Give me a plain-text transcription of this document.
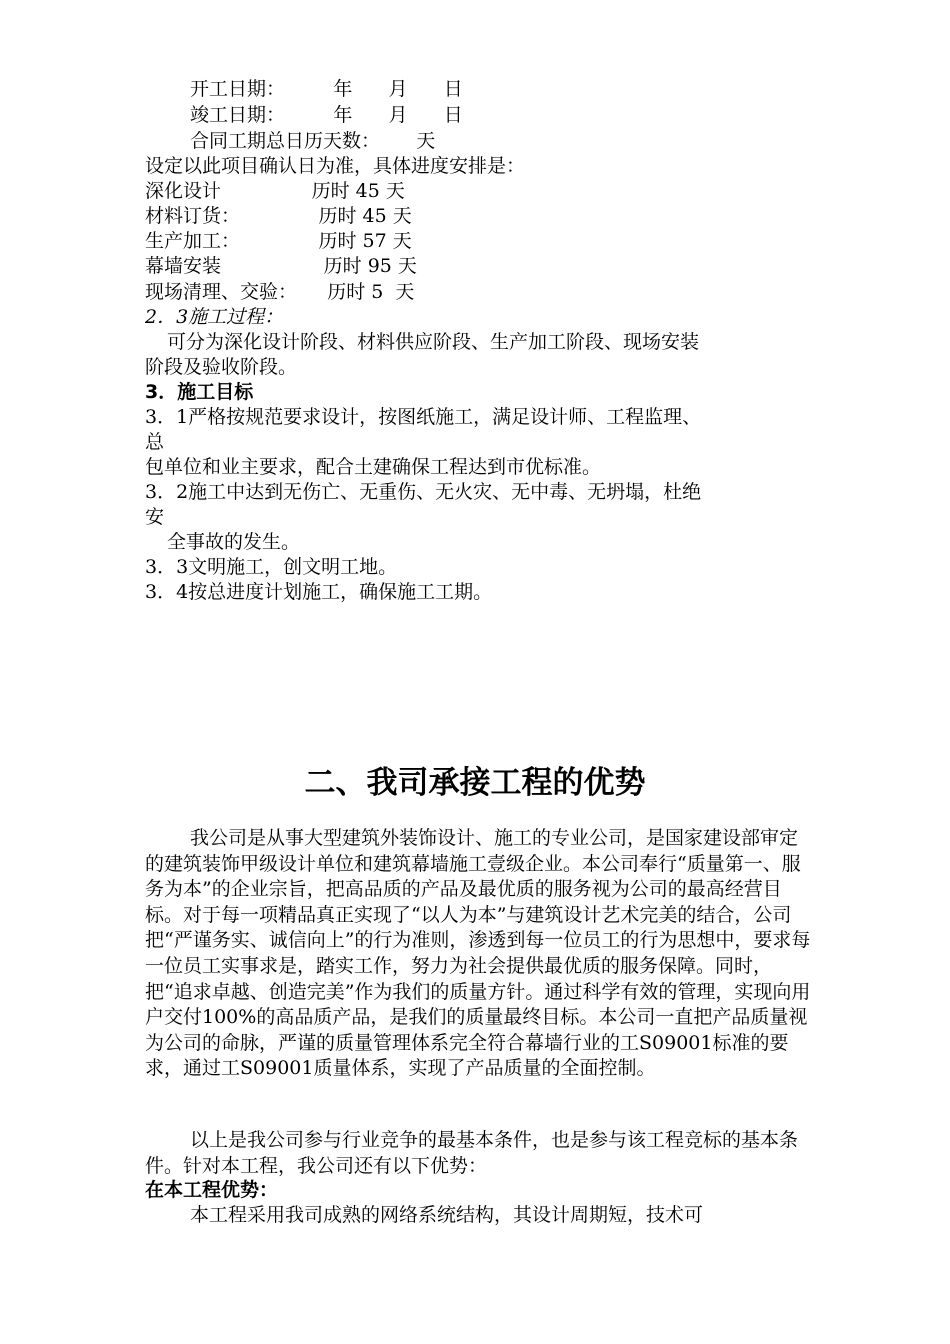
开工日期：        年      月      日
竣工日期：        年      月      日
合同工期总日历天数：      天
设定以此项目确认日为准，具体进度安排是：
深化设计               历时 45 天
材料订货：             历时 45 天
生产加工：             历时 57 天
幕墙安装                 历时 95 天
现场清理、交验：     历时 5  天
2．3施工过程：
可分为深化设计阶段、材料供应阶段、生产加工阶段、现场安装
阶段及验收阶段。
3．施工目标
3．1严格按规范要求设计，按图纸施工，满足设计师、工程监理、
总
包单位和业主要求，配合土建确保工程达到市优标准。
3．2施工中达到无伤亡、无重伤、无火灾、无中毒、无坍塌，杜绝
安
全事故的发生。
3．3文明施工，创文明工地。
3．4按总进度计划施工，确保施工工期。
二、我司承接工程的优势
我公司是从事大型建筑外装饰设计、施工的专业公司，是国家建设部审定的建筑装饰甲级设计单位和建筑幕墙施工壹级企业。本公司奉行“质量第一、服务为本”的企业宗旨，把高品质的产品及最优质的服务视为公司的最高经营目标。对于每一项精品真正实现了“以人为本”与建筑设计艺术完美的结合，公司把“严谨务实、诚信向上”的行为准则，渗透到每一位员工的行为思想中，要求每一位员工实事求是，踏实工作，努力为社会提供最优质的服务保障。同时，把“追求卓越、创造完美”作为我们的质量方针。通过科学有效的管理，实现向用户交付100%的高品质产品，是我们的质量最终目标。本公司一直把产品质量视为公司的命脉，严谨的质量管理体系完全符合幕墙行业的工S09001标准的要求，通过工S09001质量体系，实现了产品质量的全面控制。
以上是我公司参与行业竞争的最基本条件，也是参与该工程竞标的基本条件。针对本工程，我公司还有以下优势：
在本工程优势：
本工程采用我司成熟的网络系统结构，其设计周期短，技术可
